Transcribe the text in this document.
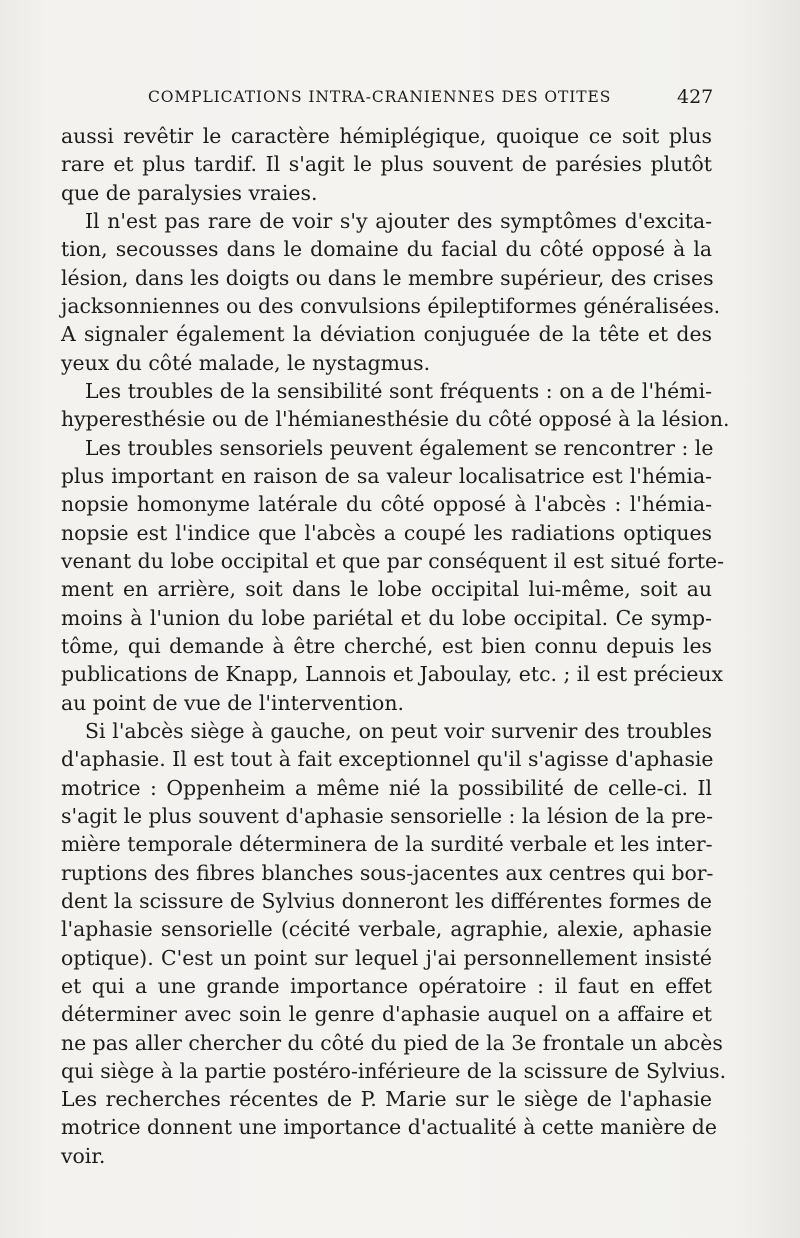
COMPLICATIONS INTRA-CRANIENNES DES OTITES	427
aussi revêtir le caractère hémiplégique, quoique ce soit plus
rare et plus tardif. Il s'agit le plus souvent de parésies plutôt
que de paralysies vraies.
Il n'est pas rare de voir s'y ajouter des symptômes d'excita-
tion, secousses dans le domaine du facial du côté opposé à la
lésion, dans les doigts ou dans le membre supérieur, des crises
jacksonniennes ou des convulsions épileptiformes généralisées.
A signaler également la déviation conjuguée de la tête et des
yeux du côté malade, le nystagmus.
Les troubles de la sensibilité sont fréquents : on a de l'hémi-
hyperesthésie ou de l'hémianesthésie du côté opposé à la lésion.
Les troubles sensoriels peuvent également se rencontrer : le
plus important en raison de sa valeur localisatrice est l'hémia-
nopsie homonyme latérale du côté opposé à l'abcès : l'hémia-
nopsie est l'indice que l'abcès a coupé les radiations optiques
venant du lobe occipital et que par conséquent il est situé forte-
ment en arrière, soit dans le lobe occipital lui-même, soit au
moins à l'union du lobe pariétal et du lobe occipital. Ce symp-
tôme, qui demande à être cherché, est bien connu depuis les
publications de Knapp, Lannois et Jaboulay, etc. ; il est précieux
au point de vue de l'intervention.
Si l'abcès siège à gauche, on peut voir survenir des troubles
d'aphasie. Il est tout à fait exceptionnel qu'il s'agisse d'aphasie
motrice : Oppenheim a même nié la possibilité de celle-ci. Il
s'agit le plus souvent d'aphasie sensorielle : la lésion de la pre-
mière temporale déterminera de la surdité verbale et les inter-
ruptions des fibres blanches sous-jacentes aux centres qui bor-
dent la scissure de Sylvius donneront les différentes formes de
l'aphasie sensorielle (cécité verbale, agraphie, alexie, aphasie
optique). C'est un point sur lequel j'ai personnellement insisté
et qui a une grande importance opératoire : il faut en effet
déterminer avec soin le genre d'aphasie auquel on a affaire et
ne pas aller chercher du côté du pied de la 3e frontale un abcès
qui siège à la partie postéro-inférieure de la scissure de Sylvius.
Les recherches récentes de P. Marie sur le siège de l'aphasie
motrice donnent une importance d'actualité à cette manière de
voir.
